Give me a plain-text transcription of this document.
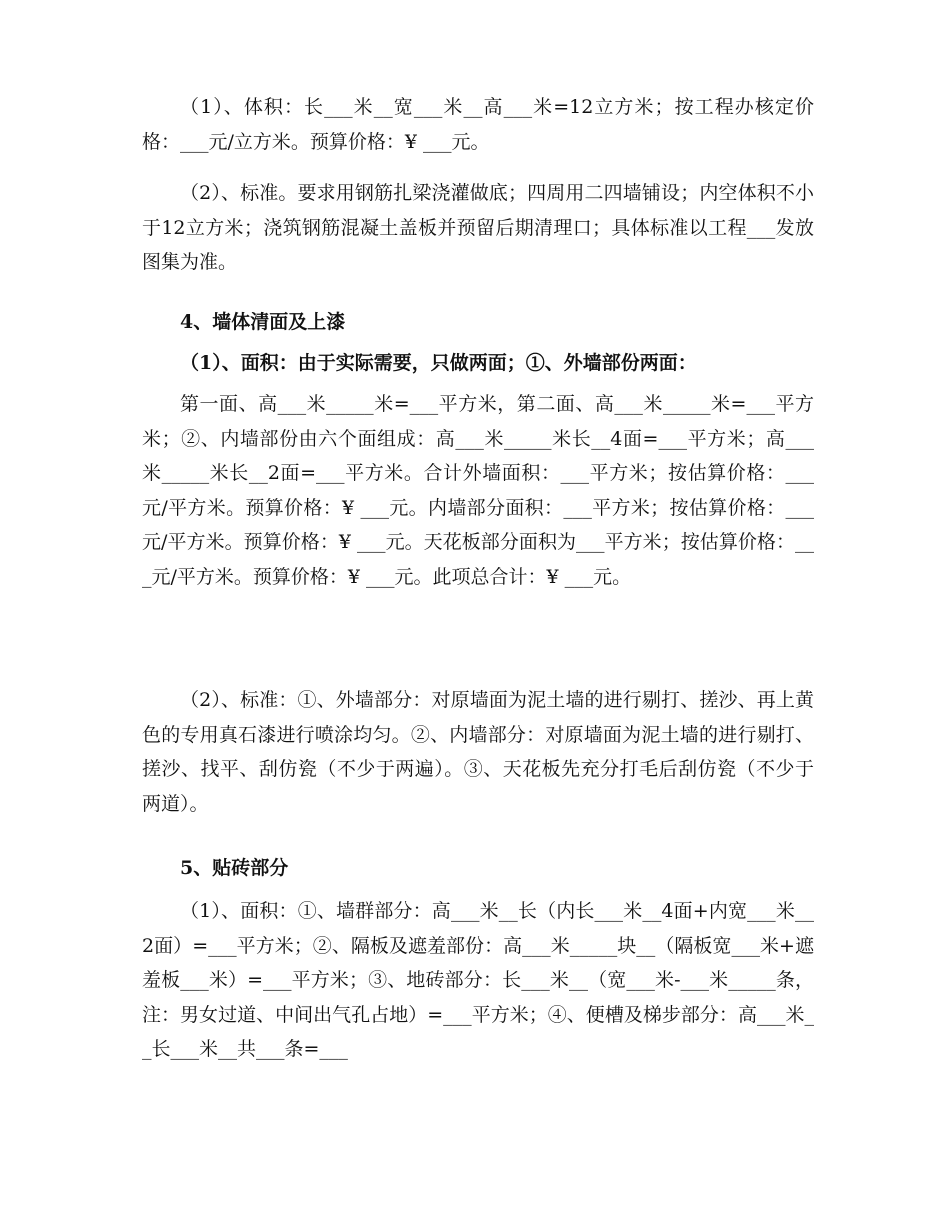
（1）、体积：长___米__宽___米__高___米=12立方米；按工程办核定价格：___元/立方米。预算价格：¥ ___元。

（2）、标准。要求用钢筋扎梁浇灌做底；四周用二四墙铺设；内空体积不小于12立方米；浇筑钢筋混凝土盖板并预留后期清理口；具体标准以工程___发放图集为准。

4、墙体清面及上漆

（1）、面积：由于实际需要，只做两面；①、外墙部份两面：

第一面、高___米_____米=___平方米，第二面、高___米_____米=___平方米；②、内墙部份由六个面组成：高___米_____米长__4面=___平方米；高___米_____米长__2面=___平方米。合计外墙面积：___平方米；按估算价格：___元/平方米。预算价格：¥ ___元。内墙部分面积：___平方米；按估算价格：___元/平方米。预算价格：¥ ___元。天花板部分面积为___平方米；按估算价格：___元/平方米。预算价格：¥ ___元。此项总合计：¥ ___元。

（2）、标准：①、外墙部分：对原墙面为泥土墙的进行剔打、搓沙、再上黄色的专用真石漆进行喷涂均匀。②、内墙部分：对原墙面为泥土墙的进行剔打、搓沙、找平、刮仿瓷（不少于两遍）。③、天花板先充分打毛后刮仿瓷（不少于两道）。

5、贴砖部分

（1）、面积：①、墙群部分：高___米__长（内长___米__4面+内宽___米__2面）=___平方米；②、隔板及遮羞部份：高___米_____块__（隔板宽___米+遮羞板___米）=___平方米；③、地砖部分：长___米__（宽___米-___米_____条，注：男女过道、中间出气孔占地）=___平方米；④、便槽及梯步部分：高___米__长___米__共___条=___
